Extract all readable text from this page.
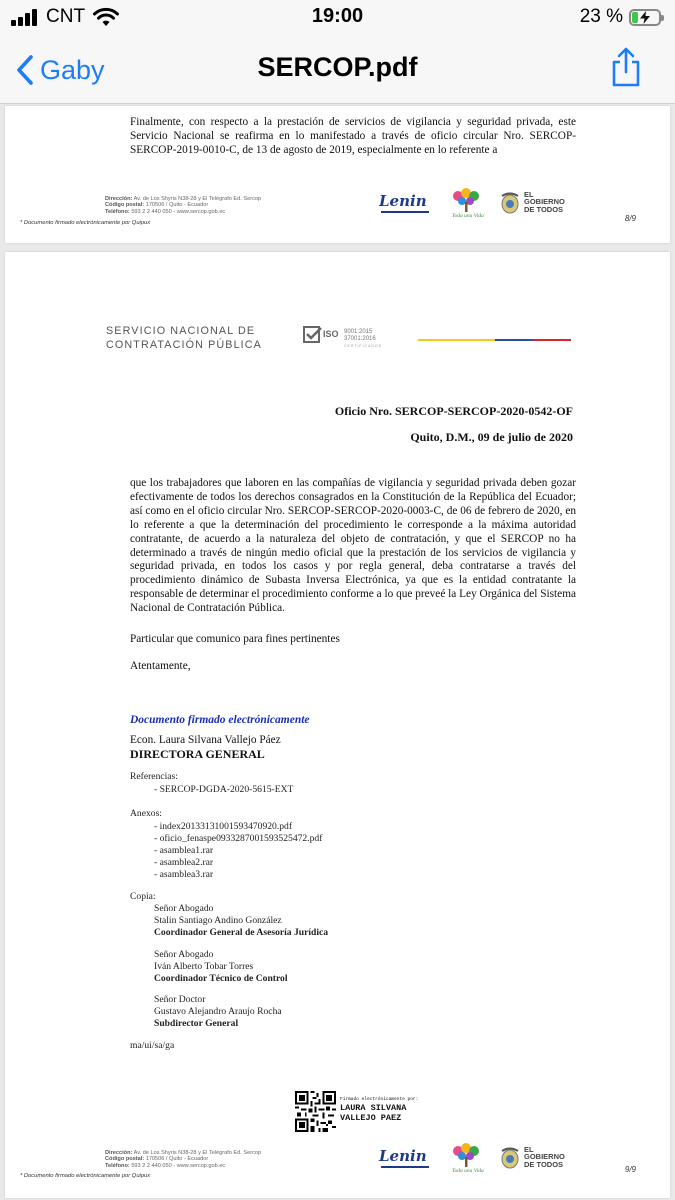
CNT	19:00	23 %
Gaby	SERCOP.pdf
Finalmente, con respecto a la prestación de servicios de vigilancia y seguridad privada, este Servicio Nacional se reafirma en lo manifestado a través de oficio circular Nro. SERCOP-SERCOP-2019-0010-C, de 13 de agosto de 2019, especialmente en lo referente a
Dirección: Av. de Los Shyris N38-28 y El Telégrafo Ed. Sercop
Código postal: 170506 / Quito - Ecuador
Teléfono: 593 2 2 440 050 - www.sercop.gob.ec
Lenin
Toda una Vida
EL
GOBIERNO
DE TODOS
8/9
* Documento firmado electrónicamente por Quipux
SERVICIO NACIONAL DE
CONTRATACIÓN PÚBLICA
ISO 9001:2015
37001:2016
CERTIFICADOS
Oficio Nro. SERCOP-SERCOP-2020-0542-OF
Quito, D.M., 09 de julio de 2020
que los trabajadores que laboren en las compañías de vigilancia y seguridad privada deben gozar efectivamente de todos los derechos consagrados en la Constitución de la República del Ecuador; así como en el oficio circular Nro. SERCOP-SERCOP-2020-0003-C, de 06 de febrero de 2020, en lo referente a que la determinación del procedimiento le corresponde a la máxima autoridad contratante, de acuerdo a la naturaleza del objeto de contratación, y que el SERCOP no ha determinado a través de ningún medio oficial que la prestación de los servicios de vigilancia y seguridad privada, en todos los casos y por regla general, deba contratarse a través del procedimiento dinámico de Subasta Inversa Electrónica, ya que es la entidad contratante la responsable de determinar el procedimiento conforme a lo que preveé la Ley Orgánica del Sistema Nacional de Contratación Pública.
Particular que comunico para fines pertinentes
Atentamente,
Documento firmado electrónicamente
Econ. Laura Silvana Vallejo Páez
DIRECTORA GENERAL
Referencias:
- SERCOP-DGDA-2020-5615-EXT
Anexos:
- index20133131001593470920.pdf
- oficio_fenaspe0933287001593525472.pdf
- asamblea1.rar
- asamblea2.rar
- asamblea3.rar
Copia:
Señor Abogado
Stalin Santiago Andino González
Coordinador General de Asesoría Jurídica
Señor Abogado
Iván Alberto Tobar Torres
Coordinador Técnico de Control
Señor Doctor
Gustavo Alejandro Araujo Rocha
Subdirector General
ma/ui/sa/ga
Firmado electrónicamente por:
LAURA SILVANA
VALLEJO PAEZ
Dirección: Av. de Los Shyris N38-28 y El Telégrafo Ed. Sercop
Código postal: 170506 / Quito - Ecuador
Teléfono: 593 2 2 440 050 - www.sercop.gob.ec
Lenin
Toda una Vida
EL
GOBIERNO
DE TODOS
9/9
* Documento firmado electrónicamente por Quipux
